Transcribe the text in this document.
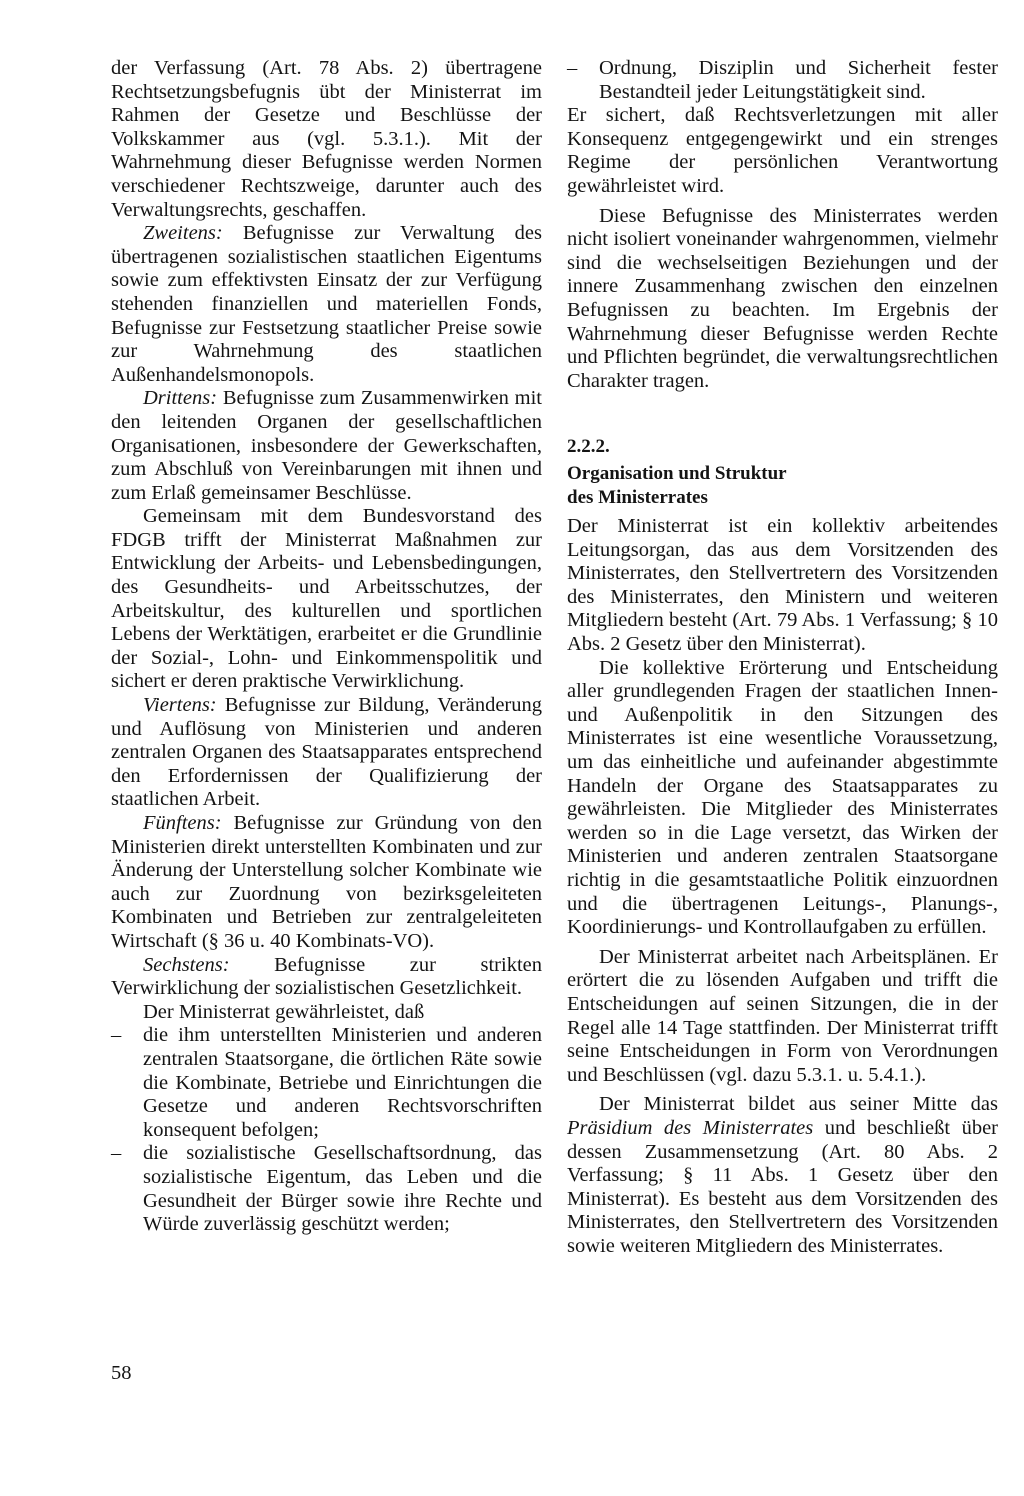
der Verfassung (Art. 78 Abs. 2) übertragene Rechtsetzungsbefugnis übt der Ministerrat im Rahmen der Gesetze und Beschlüsse der Volkskammer aus (vgl. 5.3.1.). Mit der Wahrnehmung dieser Befugnisse werden Normen verschiedener Rechtszweige, darunter auch des Verwaltungsrechts, geschaffen.

Zweitens: Befugnisse zur Verwaltung des übertragenen sozialistischen staatlichen Eigentums sowie zum effektivsten Einsatz der zur Verfügung stehenden finanziellen und materiellen Fonds, Befugnisse zur Festsetzung staatlicher Preise sowie zur Wahrnehmung des staatlichen Außenhandelsmonopols.

Drittens: Befugnisse zum Zusammenwirken mit den leitenden Organen der gesellschaftlichen Organisationen, insbesondere der Gewerkschaften, zum Abschluß von Vereinbarungen mit ihnen und zum Erlaß gemeinsamer Beschlüsse.

Gemeinsam mit dem Bundesvorstand des FDGB trifft der Ministerrat Maßnahmen zur Entwicklung der Arbeits- und Lebensbedingungen, des Gesundheits- und Arbeitsschutzes, der Arbeitskultur, des kulturellen und sportlichen Lebens der Werktätigen, erarbeitet er die Grundlinie der Sozial-, Lohn- und Einkommenspolitik und sichert er deren praktische Verwirklichung.

Viertens: Befugnisse zur Bildung, Veränderung und Auflösung von Ministerien und anderen zentralen Organen des Staatsapparates entsprechend den Erfordernissen der Qualifizierung der staatlichen Arbeit.

Fünftens: Befugnisse zur Gründung von den Ministerien direkt unterstellten Kombinaten und zur Änderung der Unterstellung solcher Kombinate wie auch zur Zuordnung von bezirksgeleiteten Kombinaten und Betrieben zur zentralgeleiteten Wirtschaft (§ 36 u. 40 Kombinats-VO).

Sechstens: Befugnisse zur strikten Verwirklichung der sozialistischen Gesetzlichkeit.

Der Ministerrat gewährleistet, daß

– die ihm unterstellten Ministerien und anderen zentralen Staatsorgane, die örtlichen Räte sowie die Kombinate, Betriebe und Einrichtungen die Gesetze und anderen Rechtsvorschriften konsequent befolgen;

– die sozialistische Gesellschaftsordnung, das sozialistische Eigentum, das Leben und die Gesundheit der Bürger sowie ihre Rechte und Würde zuverlässig geschützt werden;

– Ordnung, Disziplin und Sicherheit fester Bestandteil jeder Leitungstätigkeit sind.

Er sichert, daß Rechtsverletzungen mit aller Konsequenz entgegengewirkt und ein strenges Regime der persönlichen Verantwortung gewährleistet wird.

Diese Befugnisse des Ministerrates werden nicht isoliert voneinander wahrgenommen, vielmehr sind die wechselseitigen Beziehungen und der innere Zusammenhang zwischen den einzelnen Befugnissen zu beachten. Im Ergebnis der Wahrnehmung dieser Befugnisse werden Rechte und Pflichten begründet, die verwaltungsrechtlichen Charakter tragen.

2.2.2.

Organisation und Struktur

des Ministerrates

Der Ministerrat ist ein kollektiv arbeitendes Leitungsorgan, das aus dem Vorsitzenden des Ministerrates, den Stellvertretern des Vorsitzenden des Ministerrates, den Ministern und weiteren Mitgliedern besteht (Art. 79 Abs. 1 Verfassung; § 10 Abs. 2 Gesetz über den Ministerrat).

Die kollektive Erörterung und Entscheidung aller grundlegenden Fragen der staatlichen Innen- und Außenpolitik in den Sitzungen des Ministerrates ist eine wesentliche Voraussetzung, um das einheitliche und aufeinander abgestimmte Handeln der Organe des Staatsapparates zu gewährleisten. Die Mitglieder des Ministerrates werden so in die Lage versetzt, das Wirken der Ministerien und anderen zentralen Staatsorgane richtig in die gesamtstaatliche Politik einzuordnen und die übertragenen Leitungs-, Planungs-, Koordinierungs- und Kontrollaufgaben zu erfüllen.

Der Ministerrat arbeitet nach Arbeitsplänen. Er erörtert die zu lösenden Aufgaben und trifft die Entscheidungen auf seinen Sitzungen, die in der Regel alle 14 Tage stattfinden. Der Ministerrat trifft seine Entscheidungen in Form von Verordnungen und Beschlüssen (vgl. dazu 5.3.1. u. 5.4.1.).

Der Ministerrat bildet aus seiner Mitte das Präsidium des Ministerrates und beschließt über dessen Zusammensetzung (Art. 80 Abs. 2 Verfassung; § 11 Abs. 1 Gesetz über den Ministerrat). Es besteht aus dem Vorsitzenden des Ministerrates, den Stellvertretern des Vorsitzenden sowie weiteren Mitgliedern des Ministerrates.

58
